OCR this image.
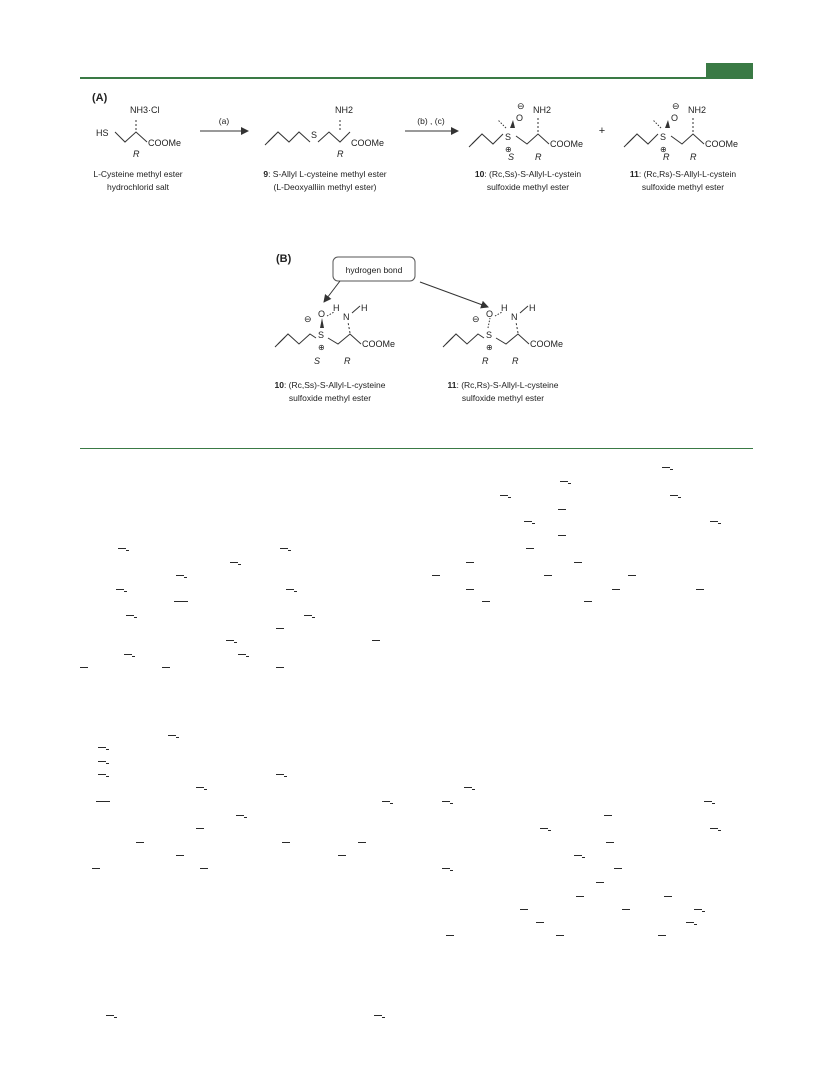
(A)
HS
NH3·Cl
COOMe
R
L-Cysteine methyl ester
hydrochlorid salt
(a)
S
NH2
COOMe
R
9: S-Allyl L-cysteine methyl ester
(L-Deoxyalliin methyl ester)
(b) , (c)
⊖
O
S
⊕
NH2
COOMe
S R
10: (Rc,Ss)-S-Allyl-L-cystein
sulfoxide methyl ester
+
⊖
O
S
⊕
NH2
COOMe
R R
11: (Rc,Rs)-S-Allyl-L-cystein
sulfoxide methyl ester
(B)
hydrogen bond
⊖ O
H
N
H
S
⊕	COOMe
S	R
10: (Rc,Ss)-S-Allyl-L-cysteine
sulfoxide methyl ester
⊖ O
H
N
H
S
⊕	COOMe
R	R
11: (Rc,Rs)-S-Allyl-L-cysteine
sulfoxide methyl ester
